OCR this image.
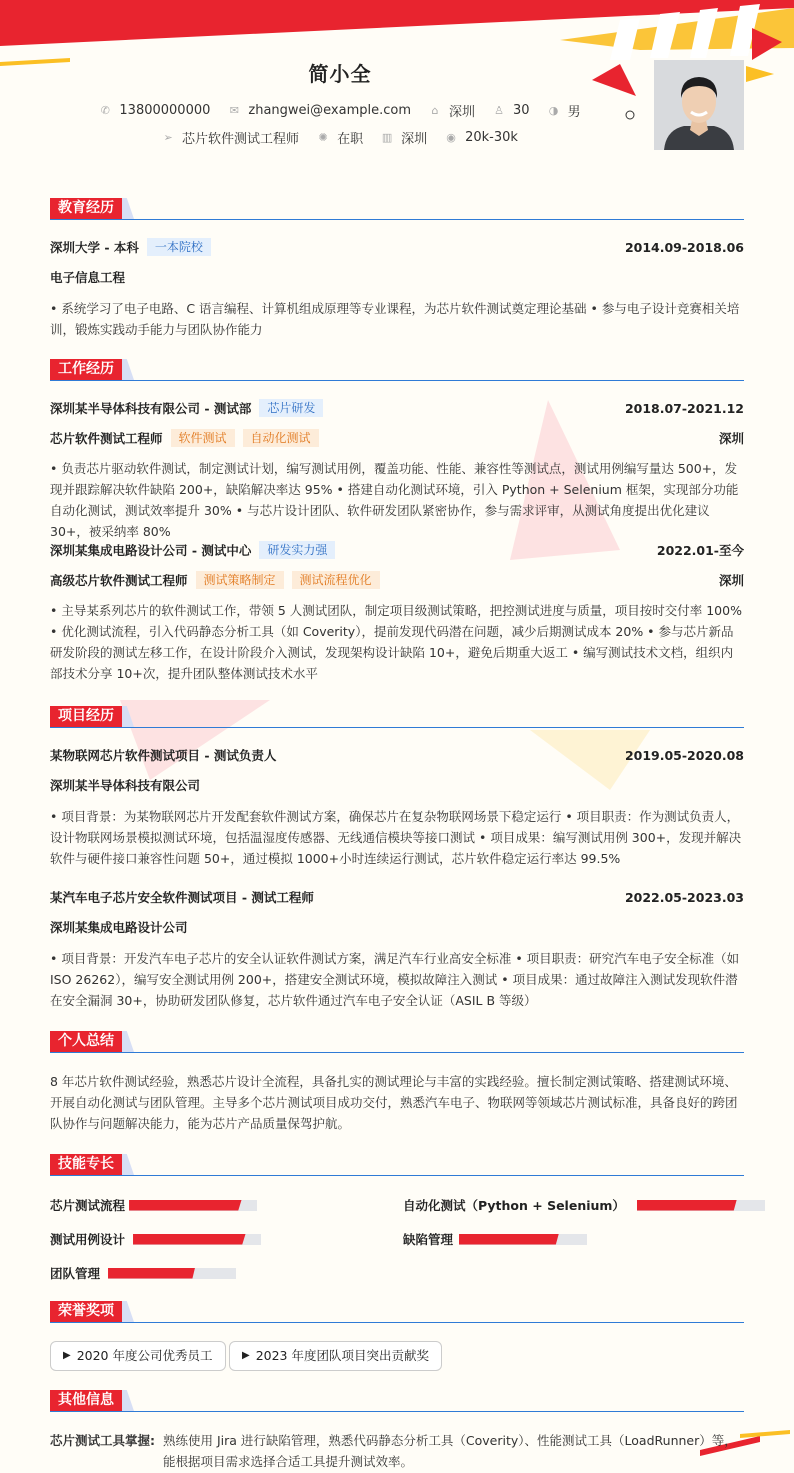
简小全
✆ 13800000000 ✉ zhangwei@example.com ⌂ 深圳 ♙ 30 ◑ 男
➢ 芯片软件测试工程师 ✺ 在职 ▥ 深圳 ◉ 20k-30k
教育经历
深圳大学 - 本科	一本院校	2014.09-2018.06
电子信息工程
• 系统学习了电子电路、C 语言编程、计算机组成原理等专业课程，为芯片软件测试奠定理论基础 • 参与电子设计竞赛相关培训，锻炼实践动手能力与团队协作能力
工作经历
深圳某半导体科技有限公司 - 测试部	芯片研发	2018.07-2021.12
芯片软件测试工程师	软件测试	自动化测试	深圳
• 负责芯片驱动软件测试，制定测试计划，编写测试用例，覆盖功能、性能、兼容性等测试点，测试用例编写量达 500+，发现并跟踪解决软件缺陷 200+，缺陷解决率达 95% • 搭建自动化测试环境，引入 Python + Selenium 框架，实现部分功能自动化测试，测试效率提升 30% • 与芯片设计团队、软件研发团队紧密协作，参与需求评审，从测试角度提出优化建议 30+，被采纳率 80%
深圳某集成电路设计公司 - 测试中心	研发实力强	2022.01-至今
高级芯片软件测试工程师	测试策略制定	测试流程优化	深圳
• 主导某系列芯片的软件测试工作，带领 5 人测试团队，制定项目级测试策略，把控测试进度与质量，项目按时交付率 100% • 优化测试流程，引入代码静态分析工具（如 Coverity），提前发现代码潜在问题，减少后期测试成本 20% • 参与芯片新品研发阶段的测试左移工作，在设计阶段介入测试，发现架构设计缺陷 10+，避免后期重大返工 • 编写测试技术文档，组织内部技术分享 10+次，提升团队整体测试技术水平
项目经历
某物联网芯片软件测试项目 - 测试负责人	2019.05-2020.08
深圳某半导体科技有限公司
• 项目背景：为某物联网芯片开发配套软件测试方案，确保芯片在复杂物联网场景下稳定运行 • 项目职责：作为测试负责人，设计物联网场景模拟测试环境，包括温湿度传感器、无线通信模块等接口测试 • 项目成果：编写测试用例 300+，发现并解决软件与硬件接口兼容性问题 50+，通过模拟 1000+小时连续运行测试，芯片软件稳定运行率达 99.5%
某汽车电子芯片安全软件测试项目 - 测试工程师	2022.05-2023.03
深圳某集成电路设计公司
• 项目背景：开发汽车电子芯片的安全认证软件测试方案，满足汽车行业高安全标准 • 项目职责：研究汽车电子安全标准（如 ISO 26262），编写安全测试用例 200+，搭建安全测试环境，模拟故障注入测试 • 项目成果：通过故障注入测试发现软件潜在安全漏洞 30+，协助研发团队修复，芯片软件通过汽车电子安全认证（ASIL B 等级）
个人总结
8 年芯片软件测试经验，熟悉芯片设计全流程，具备扎实的测试理论与丰富的实践经验。擅长制定测试策略、搭建测试环境、开展自动化测试与团队管理。主导多个芯片测试项目成功交付，熟悉汽车电子、物联网等领域芯片测试标准，具备良好的跨团队协作与问题解决能力，能为芯片产品质量保驾护航。
技能专长
芯片测试流程	自动化测试（Python + Selenium）
测试用例设计	缺陷管理
团队管理
荣誉奖项
▶ 2020 年度公司优秀员工	▶ 2023 年度团队项目突出贡献奖
其他信息
芯片测试工具掌握: 熟练使用 Jira 进行缺陷管理，熟悉代码静态分析工具（Coverity）、性能测试工具（LoadRunner）等，能根据项目需求选择合适工具提升测试效率。
